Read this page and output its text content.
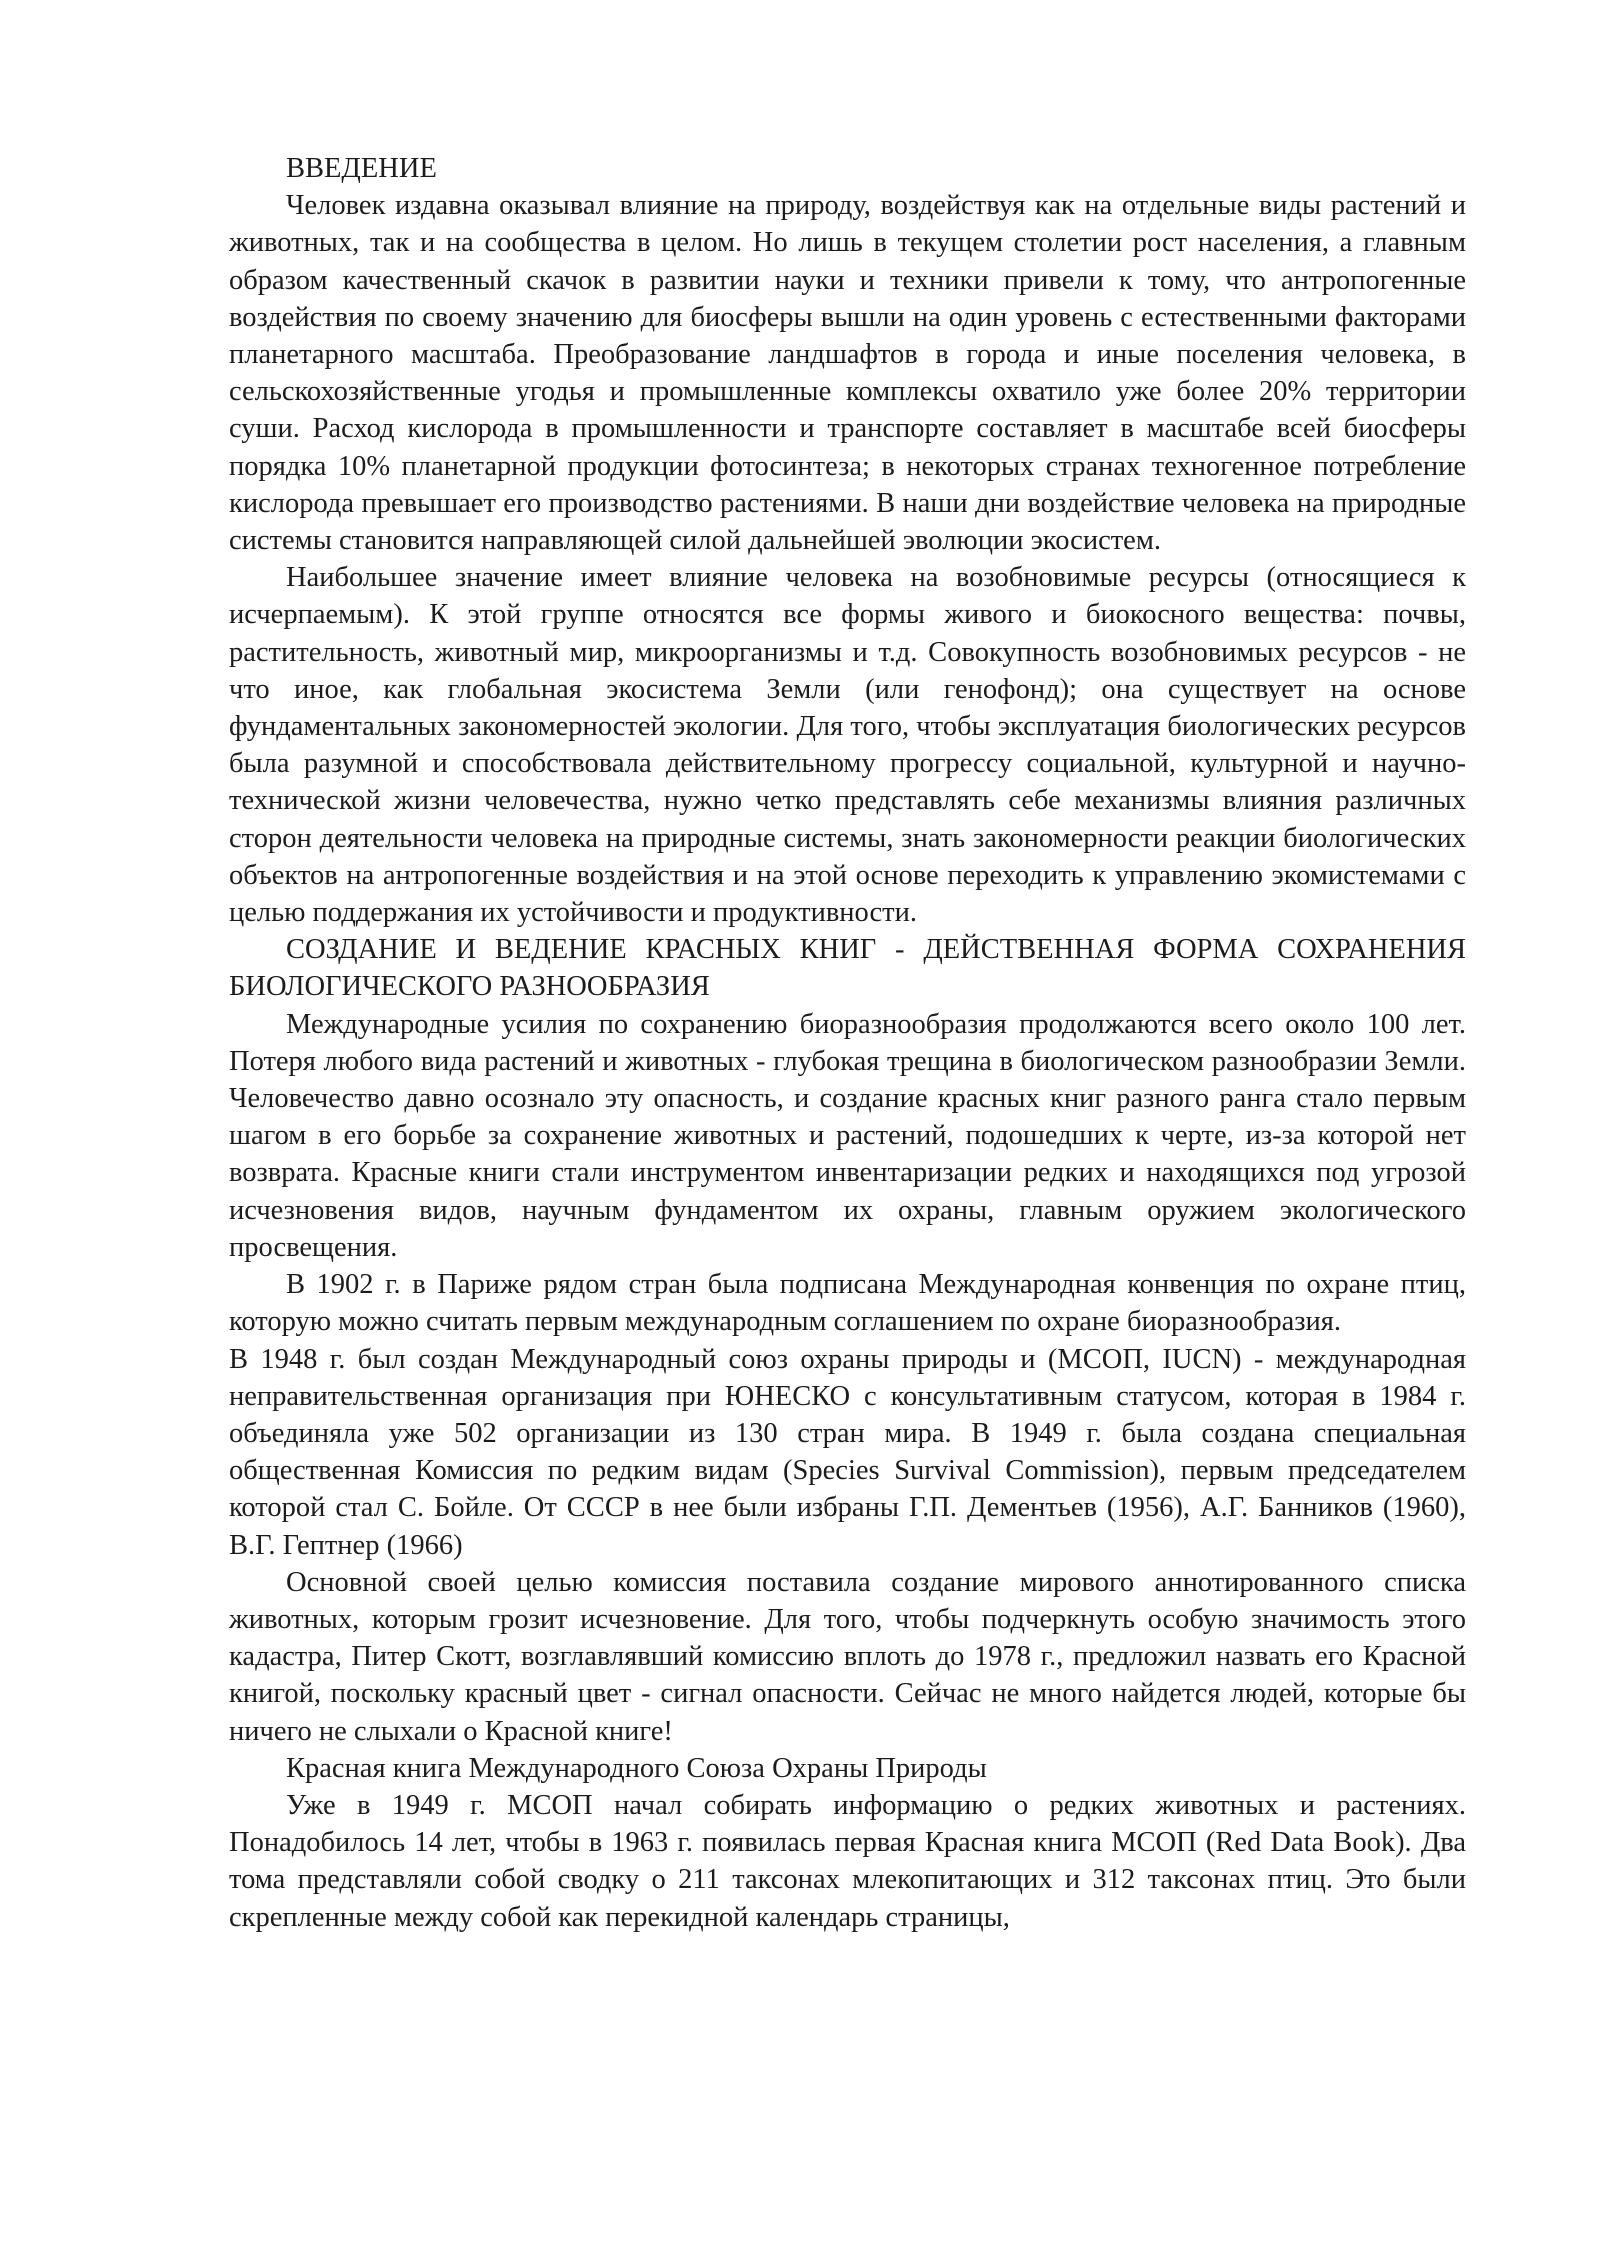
ВВЕДЕНИЕ

Человек издавна оказывал влияние на природу, воздействуя как на отдельные виды растений и животных, так и на сообщества в целом. Но лишь в текущем столетии рост населения, а главным образом качественный скачок в развитии науки и техники привели к тому, что антропогенные воздействия по своему значению для биосферы вышли на один уровень с естественными факторами планетарного масштаба. Преобразование ландшафтов в города и иные поселения человека, в сельскохозяйственные угодья и промышленные комплексы охватило уже более 20% территории суши. Расход кислорода в промышленности и транспорте составляет в масштабе всей биосферы порядка 10% планетарной продукции фотосинтеза; в некоторых странах техногенное потребление кислорода превышает его производство растениями. В наши дни воздействие человека на природные системы становится направляющей силой дальнейшей эволюции экосистем.

Наибольшее значение имеет влияние человека на возобновимые ресурсы (относящиеся к исчерпаемым). К этой группе относятся все формы живого и биокосного вещества: почвы, растительность, животный мир, микроорганизмы и т.д. Совокупность возобновимых ресурсов - не что иное, как глобальная экосистема Земли (или генофонд); она существует на основе фундаментальных закономерностей экологии. Для того, чтобы эксплуатация биологических ресурсов была разумной и способствовала действительному прогрессу социальной, культурной и научно-технической жизни человечества, нужно четко представлять себе механизмы влияния различных сторон деятельности человека на природные системы, знать закономерности реакции биологических объектов на антропогенные воздействия и на этой основе переходить к управлению экомистемами с целью поддержания их устойчивости и продуктивности.

СОЗДАНИЕ И ВЕДЕНИЕ КРАСНЫХ КНИГ - ДЕЙСТВЕННАЯ ФОРМА СОХРАНЕНИЯ БИОЛОГИЧЕСКОГО РАЗНООБРАЗИЯ

Международные усилия по сохранению биоразнообразия продолжаются всего около 100 лет. Потеря любого вида растений и животных - глубокая трещина в биологическом разнообразии Земли. Человечество давно осознало эту опасность, и создание красных книг разного ранга стало первым шагом в его борьбе за сохранение животных и растений, подошедших к черте, из-за которой нет возврата. Красные книги стали инструментом инвентаризации редких и находящихся под угрозой исчезновения видов, научным фундаментом их охраны, главным оружием экологического просвещения.

В 1902 г. в Париже рядом стран была подписана Международная конвенция по охране птиц, которую можно считать первым международным соглашением по охране биоразнообразия.

В 1948 г. был создан Международный союз охраны природы и (МСОП, IUCN) - международная неправительственная организация при ЮНЕСКО с консультативным статусом, которая в 1984 г. объединяла уже 502 организации из 130 стран мира. В 1949 г. была создана специальная общественная Комиссия по редким видам (Species Survival Commission), первым председателем которой стал С. Бойле. От СССР в нее были избраны Г.П. Дементьев (1956), А.Г. Банников (1960), В.Г. Гептнер (1966)

Основной своей целью комиссия поставила создание мирового аннотированного списка животных, которым грозит исчезновение. Для того, чтобы подчеркнуть особую значимость этого кадастра, Питер Скотт, возглавлявший комиссию вплоть до 1978 г., предложил назвать его Красной книгой, поскольку красный цвет - сигнал опасности. Сейчас не много найдется людей, которые бы ничего не слыхали о Красной книге!

Красная книга Международного Союза Охраны Природы

Уже в 1949 г. МСОП начал собирать информацию о редких животных и растениях. Понадобилось 14 лет, чтобы в 1963 г. появилась первая Красная книга МСОП (Red Data Book). Два тома представляли собой сводку о 211 таксонах млекопитающих и 312 таксонах птиц. Это были скрепленные между собой как перекидной календарь страницы,
